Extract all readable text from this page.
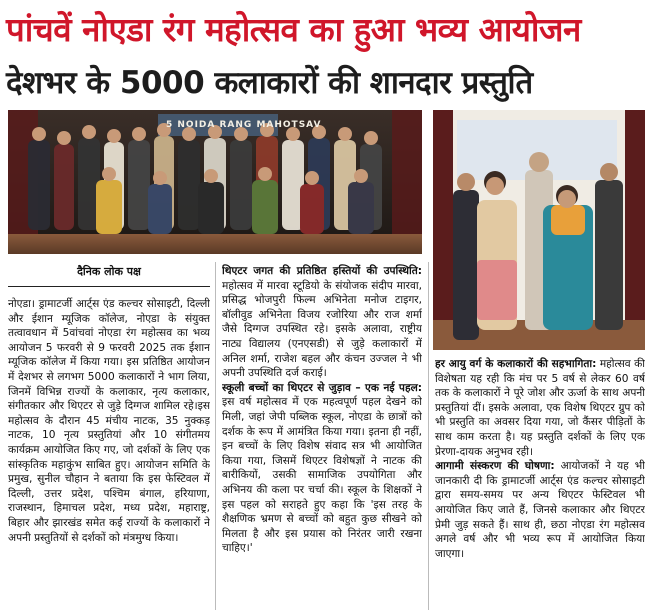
पांचवें नोएडा रंग महोत्सव का हुआ भव्य आयोजन
देशभर के 5000 कलाकारों की शानदार प्रस्तुति
5 NOIDA RANG MAHOTSAV
दैनिक लोक पक्ष

नोएडा। ड्रामाटर्जी आर्ट्स एंड कल्चर सोसाइटी, दिल्ली और ईशान म्यूजिक कॉलेज, नोएडा के संयुक्त तत्वावधान में 5वांचवां नोएडा रंग महोत्सव का भव्य आयोजन 5 फरवरी से 9 फरवरी 2025 तक ईशान म्यूजिक कॉलेज में किया गया। इस प्रतिष्ठित आयोजन में देशभर से लगभग 5000 कलाकारों ने भाग लिया, जिनमें विभिन्न राज्यों के कलाकार, नृत्य कलाकार, संगीतकार और थिएटर से जुड़े दिग्गज शामिल रहे।इस महोत्सव के दौरान 45 मंचीय नाटक, 35 नुक्कड़ नाटक, 10 नृत्य प्रस्तुतियां और 10 संगीतमय कार्यक्रम आयोजित किए गए, जो दर्शकों के लिए एक सांस्कृतिक महाकुंभ साबित हुए। आयोजन समिति के प्रमुख, सुनील चौहान ने बताया कि इस फेस्टिवल में दिल्ली, उत्तर प्रदेश, पश्चिम बंगाल, हरियाणा, राजस्थान, हिमाचल प्रदेश, मध्य प्रदेश, महाराष्ट्र, बिहार और झारखंड समेत कई राज्यों के कलाकारों ने अपनी प्रस्तुतियों से दर्शकों को मंत्रमुग्ध किया।

थिएटर जगत की प्रतिष्ठित हस्तियों की उपस्थिति: महोत्सव में मारवा स्टूडियो के संयोजक संदीप मारवा, प्रसिद्ध भोजपुरी फिल्म अभिनेता मनोज टाइगर, बॉलीवुड अभिनेता विजय रजोरिया और राज शर्मा जैसे दिग्गज उपस्थित रहे। इसके अलावा, राष्ट्रीय नाट्य विद्यालय (एनएसडी) से जुड़े कलाकारों में अनिल शर्मा, राजेश बहल और कंचन उज्जल ने भी अपनी उपस्थिति दर्ज कराई।

स्कूली बच्चों का थिएटर से जुड़ाव – एक नई पहल: इस वर्ष महोत्सव में एक महत्वपूर्ण पहल देखने को मिली, जहां जेपी पब्लिक स्कूल, नोएडा के छात्रों को दर्शक के रूप में आमंत्रित किया गया। इतना ही नहीं, इन बच्चों के लिए विशेष संवाद सत्र भी आयोजित किया गया, जिसमें थिएटर विशेषज्ञों ने नाटक की बारीकियों, उसकी सामाजिक उपयोगिता और अभिनय की कला पर चर्चा की। स्कूल के शिक्षकों ने इस पहल को सराहते हुए कहा कि 'इस तरह के शैक्षणिक भ्रमण से बच्चों को बहुत कुछ सीखने को मिलता है और इस प्रयास को निरंतर जारी रखना चाहिए।'

हर आयु वर्ग के कलाकारों की सहभागिता: महोत्सव की विशेषता यह रही कि मंच पर 5 वर्ष से लेकर 60 वर्ष तक के कलाकारों ने पूरे जोश और ऊर्जा के साथ अपनी प्रस्तुतियां दीं। इसके अलावा, एक विशेष थिएटर ग्रुप को भी प्रस्तुति का अवसर दिया गया, जो कैंसर पीड़ितों के साथ काम करता है। यह प्रस्तुति दर्शकों के लिए एक प्रेरणा-दायक अनुभव रही।

आगामी संस्करण की घोषणा: आयोजकों ने यह भी जानकारी दी कि ड्रामाटर्जी आर्ट्स एंड कल्चर सोसाइटी द्वारा समय-समय पर अन्य थिएटर फेस्टिवल भी आयोजित किए जाते हैं, जिनसे कलाकार और थिएटर प्रेमी जुड़ सकते हैं। साथ ही, छठा नोएडा रंग महोत्सव अगले वर्ष और भी भव्य रूप में आयोजित किया जाएगा।
